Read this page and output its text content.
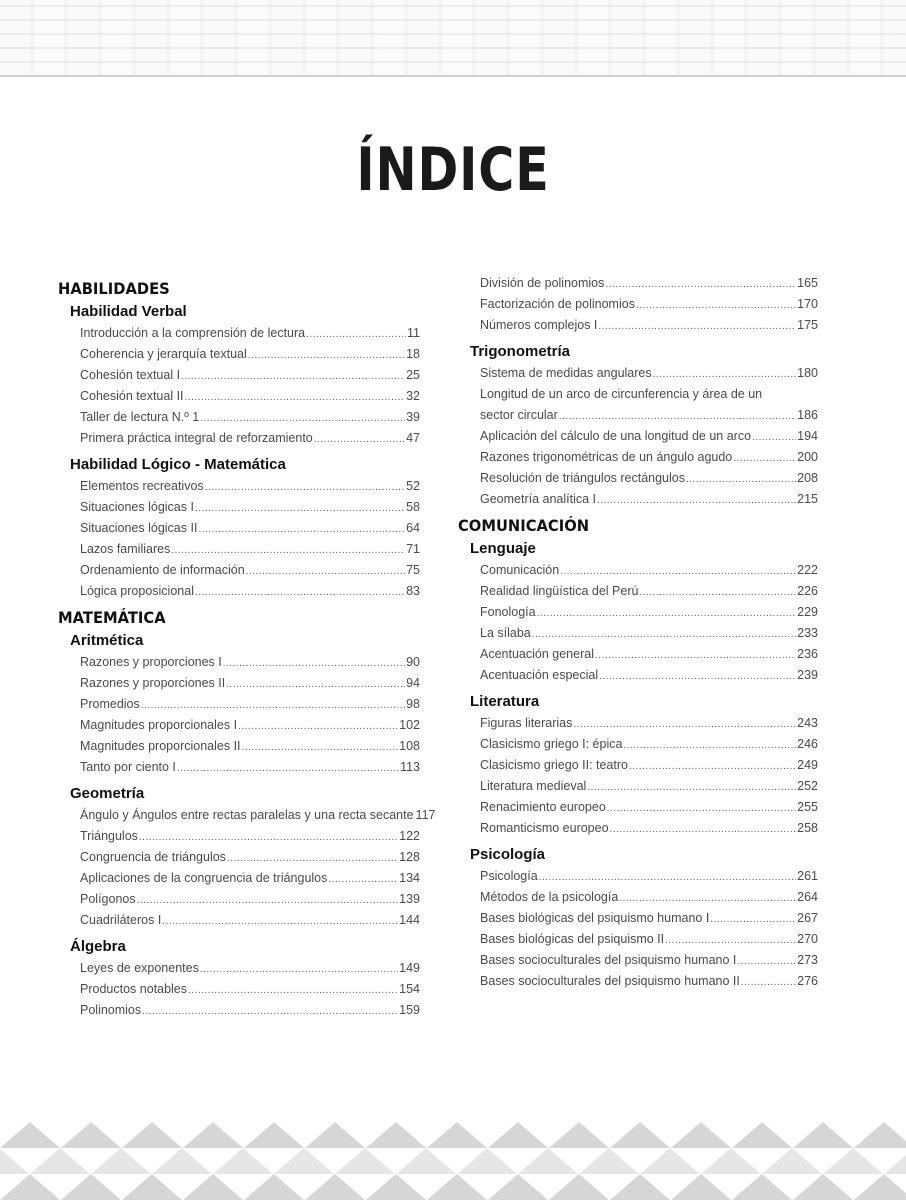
ÍNDICE
HABILIDADES
Habilidad Verbal
Introducción a la comprensión de lectura .....	11
Coherencia y jerarquía textual .....	18
Cohesión textual I .....	25
Cohesión textual II .....	32
Taller de lectura N.º 1 .....	39
Primera práctica integral de reforzamiento .....	47
Habilidad Lógico - Matemática
Elementos recreativos .....	52
Situaciones lógicas I .....	58
Situaciones lógicas II .....	64
Lazos familiares .....	71
Ordenamiento de información .....	75
Lógica proposicional .....	83
MATEMÁTICA
Aritmética
Razones y proporciones I .....	90
Razones y proporciones II .....	94
Promedios .....	98
Magnitudes proporcionales I .....	102
Magnitudes proporcionales II .....	108
Tanto por ciento I .....	113
Geometría
Ángulo y Ángulos entre rectas paralelas y una recta secante 117
Triángulos .....	122
Congruencia de triángulos .....	128
Aplicaciones de la congruencia de triángulos .....	134
Polígonos .....	139
Cuadriláteros I .....	144
Álgebra
Leyes de exponentes .....	149
Productos notables .....	154
Polinomios .....	159
División de polinomios .....	165
Factorización de polinomios .....	170
Números complejos I .....	175
Trigonometría
Sistema de medidas angulares .....	180
Longitud de un arco de circunferencia y área de un
sector circular .....	186
Aplicación del cálculo de una longitud de un arco .....	194
Razones trigonométricas de un ángulo agudo .....	200
Resolución de triángulos rectángulos .....	208
Geometría analítica I .....	215
COMUNICACIÓN
Lenguaje
Comunicación .....	222
Realidad lingüística del Perú .....	226
Fonología .....	229
La sílaba .....	233
Acentuación general .....	236
Acentuación especial .....	239
Literatura
Figuras literarias .....	243
Clasicismo griego I: épica .....	246
Clasicismo griego II: teatro .....	249
Literatura medieval .....	252
Renacimiento europeo .....	255
Romanticismo europeo .....	258
Psicología
Psicología .....	261
Métodos de la psicología .....	264
Bases biológicas del psiquismo humano I .....	267
Bases biológicas del psiquismo II .....	270
Bases socioculturales del psiquismo humano I .....	273
Bases socioculturales del psiquismo humano II .....	276
